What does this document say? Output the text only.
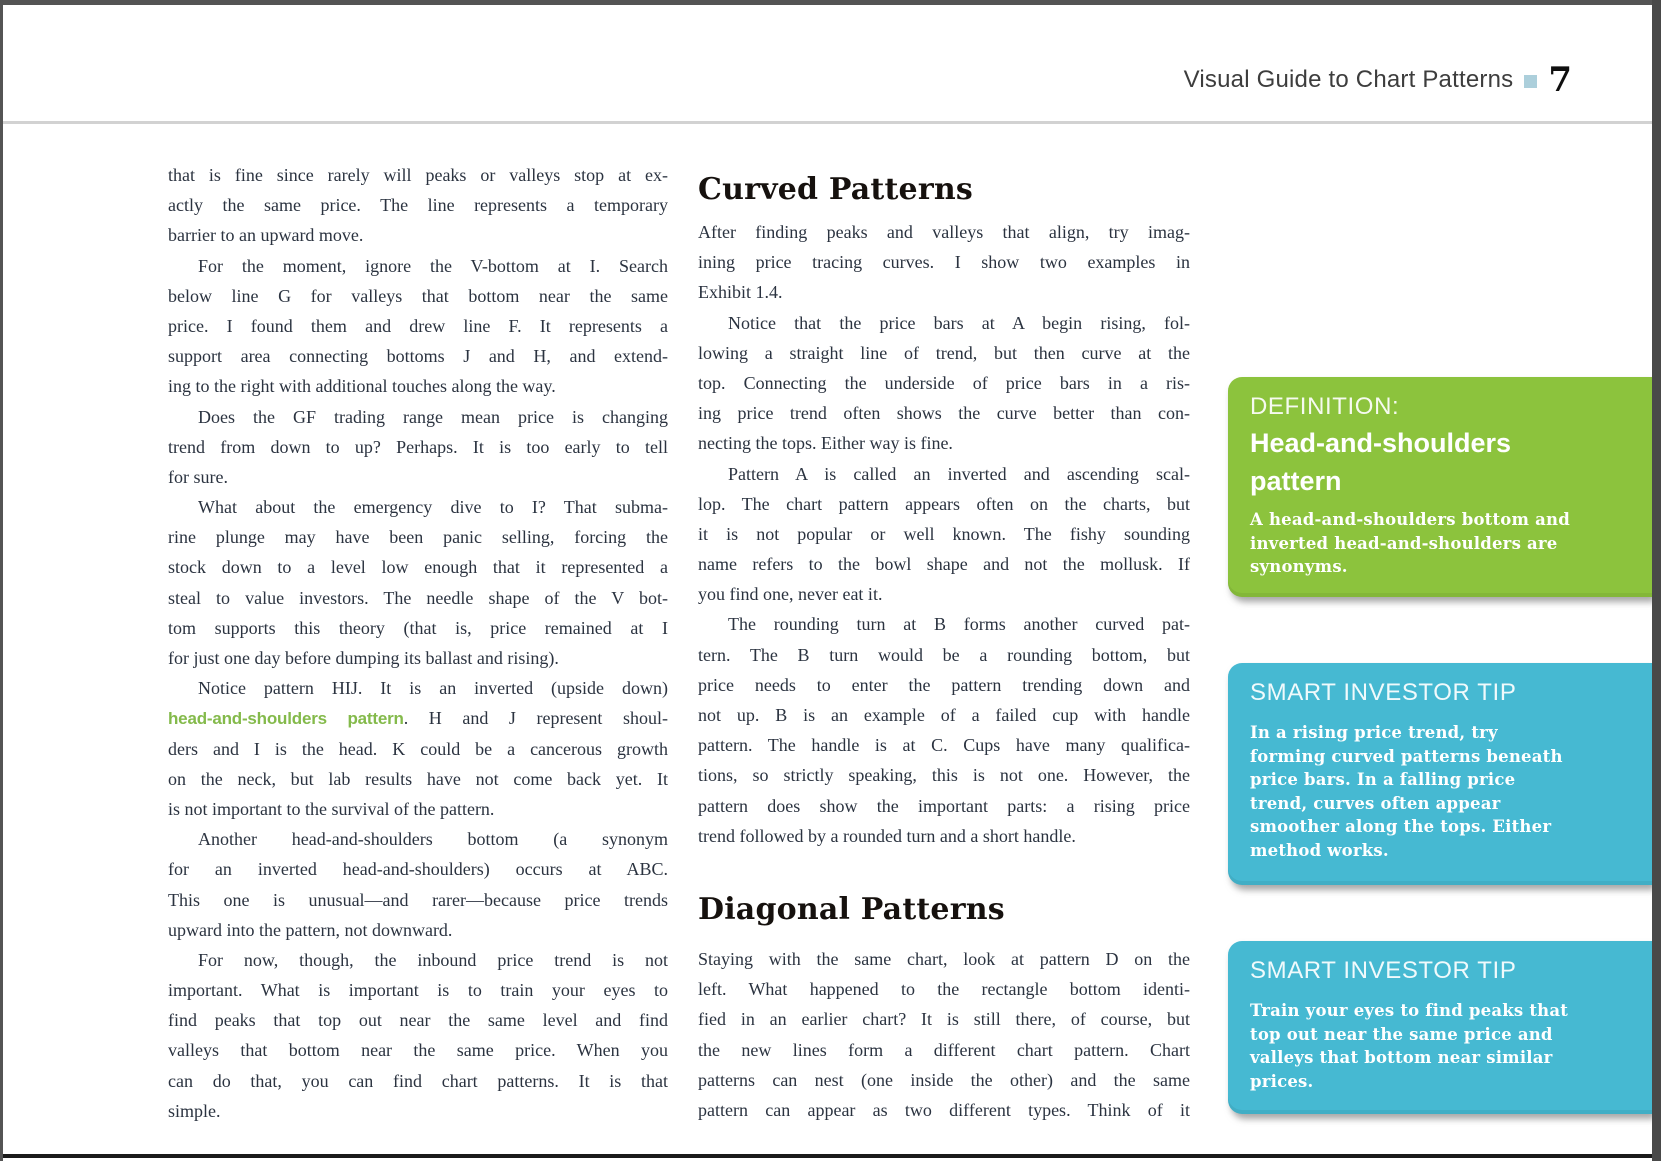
Visual Guide to Chart Patterns 7
that is fine since rarely will peaks or valleys stop at ex-
actly the same price. The line represents a temporary
barrier to an upward move.
For the moment, ignore the V-bottom at I. Search
below line G for valleys that bottom near the same
price. I found them and drew line F. It represents a
support area connecting bottoms J and H, and extend-
ing to the right with additional touches along the way.
Does the GF trading range mean price is changing
trend from down to up? Perhaps. It is too early to tell
for sure.
What about the emergency dive to I? That subma-
rine plunge may have been panic selling, forcing the
stock down to a level low enough that it represented a
steal to value investors. The needle shape of the V bot-
tom supports this theory (that is, price remained at I
for just one day before dumping its ballast and rising).
Notice pattern HIJ. It is an inverted (upside down)
head-and-shoulders pattern. H and J represent shoul-
ders and I is the head. K could be a cancerous growth
on the neck, but lab results have not come back yet. It
is not important to the survival of the pattern.
Another head-and-shoulders bottom (a synonym
for an inverted head-and-shoulders) occurs at ABC.
This one is unusual—and rarer—because price trends
upward into the pattern, not downward.
For now, though, the inbound price trend is not
important. What is important is to train your eyes to
find peaks that top out near the same level and find
valleys that bottom near the same price. When you
can do that, you can find chart patterns. It is that
simple.
Curved Patterns
After finding peaks and valleys that align, try imag-
ining price tracing curves. I show two examples in
Exhibit 1.4.
Notice that the price bars at A begin rising, fol-
lowing a straight line of trend, but then curve at the
top. Connecting the underside of price bars in a ris-
ing price trend often shows the curve better than con-
necting the tops. Either way is fine.
Pattern A is called an inverted and ascending scal-
lop. The chart pattern appears often on the charts, but
it is not popular or well known. The fishy sounding
name refers to the bowl shape and not the mollusk. If
you find one, never eat it.
The rounding turn at B forms another curved pat-
tern. The B turn would be a rounding bottom, but
price needs to enter the pattern trending down and
not up. B is an example of a failed cup with handle
pattern. The handle is at C. Cups have many qualifica-
tions, so strictly speaking, this is not one. However, the
pattern does show the important parts: a rising price
trend followed by a rounded turn and a short handle.
Diagonal Patterns
Staying with the same chart, look at pattern D on the
left. What happened to the rectangle bottom identi-
fied in an earlier chart? It is still there, of course, but
the new lines form a different chart pattern. Chart
patterns can nest (one inside the other) and the same
pattern can appear as two different types. Think of it
DEFINITION:
Head-and-shoulders
pattern
A head-and-shoulders bottom and
inverted head-and-shoulders are
synonyms.
SMART INVESTOR TIP
In a rising price trend, try
forming curved patterns beneath
price bars. In a falling price
trend, curves often appear
smoother along the tops. Either
method works.
SMART INVESTOR TIP
Train your eyes to find peaks that
top out near the same price and
valleys that bottom near similar
prices.
